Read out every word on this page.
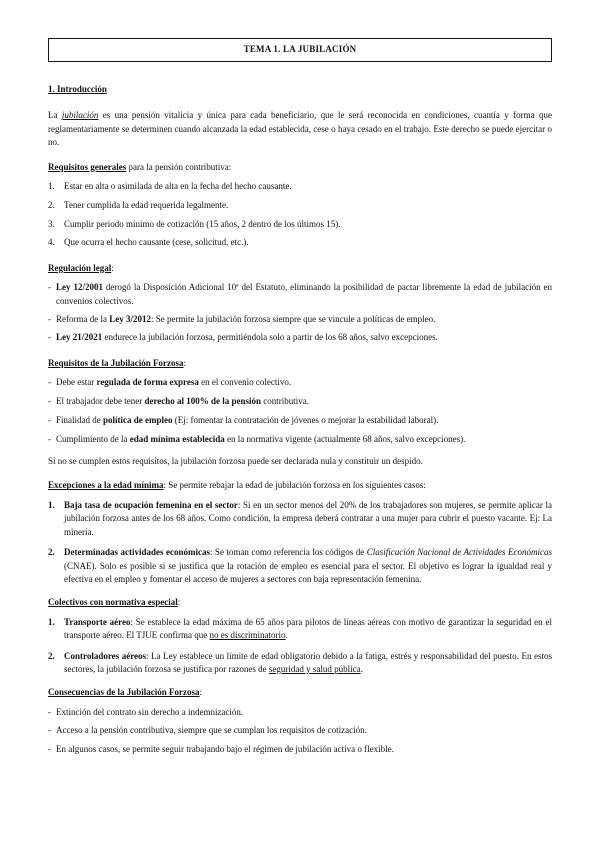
TEMA 1. LA JUBILACIÓN

1. Introducción

La jubilación es una pensión vitalicia y única para cada beneficiario, que le será reconocida en condiciones, cuantía y forma que reglamentariamente se determinen cuando alcanzada la edad establecida, cese o haya cesado en el trabajo. Este derecho se puede ejercitar o no.

Requisitos generales para la pensión contributiva:

1.	Estar en alta o asimilada de alta en la fecha del hecho causante.
2.	Tener cumplida la edad requerida legalmente.
3.	Cumplir periodo mínimo de cotización (15 años, 2 dentro de los últimos 15).
4.	Que ocurra el hecho causante (cese, solicitud, etc.).

Regulación legal:

- Ley 12/2001 derogó la Disposición Adicional 10ª del Estatuto, eliminando la posibilidad de pactar libremente la edad de jubilación en convenios colectivos.
- Reforma de la Ley 3/2012: Se permite la jubilación forzosa siempre que se vincule a políticas de empleo.
- Ley 21/2021 endurece la jubilación forzosa, permitiéndola solo a partir de los 68 años, salvo excepciones.

Requisitos de la Jubilación Forzosa:

- Debe estar regulada de forma expresa en el convenio colectivo.
- El trabajador debe tener derecho al 100% de la pensión contributiva.
- Finalidad de política de empleo (Ej: fomentar la contratación de jóvenes o mejorar la estabilidad laboral).
- Cumplimiento de la edad mínima establecida en la normativa vigente (actualmente 68 años, salvo excepciones).

Si no se cumplen estos requisitos, la jubilación forzosa puede ser declarada nula y constituir un despido.

Excepciones a la edad mínima: Se permite rebajar la edad de jubilación forzosa en los siguientes casos:

1.	Baja tasa de ocupación femenina en el sector: Si en un sector menos del 20% de los trabajadores son mujeres, se permite aplicar la jubilación forzosa antes de los 68 años. Como condición, la empresa deberá contratar a una mujer para cubrir el puesto vacante. Ej: La minería.
2.	Determinadas actividades económicas: Se toman como referencia los códigos de Clasificación Nacional de Actividades Económicas (CNAE). Solo es posible si se justifica que la rotación de empleo es esencial para el sector. El objetivo es lograr la igualdad real y efectiva en el empleo y fomentar el acceso de mujeres a sectores con baja representación femenina.

Colectivos con normativa especial:

1.	Transporte aéreo: Se establece la edad máxima de 65 años para pilotos de líneas aéreas con motivo de garantizar la seguridad en el transporte aéreo. El TJUE confirma que no es discriminatorio.
2.	Controladores aéreos: La Ley establece un límite de edad obligatorio debido a la fatiga, estrés y responsabilidad del puesto. En estos sectores, la jubilación forzosa se justifica por razones de seguridad y salud pública.

Consecuencias de la Jubilación Forzosa:

- Extinción del contrato sin derecho a indemnización.
- Acceso a la pensión contributiva, siempre que se cumplan los requisitos de cotización.
- En algunos casos, se permite seguir trabajando bajo el régimen de jubilación activa o flexible.
